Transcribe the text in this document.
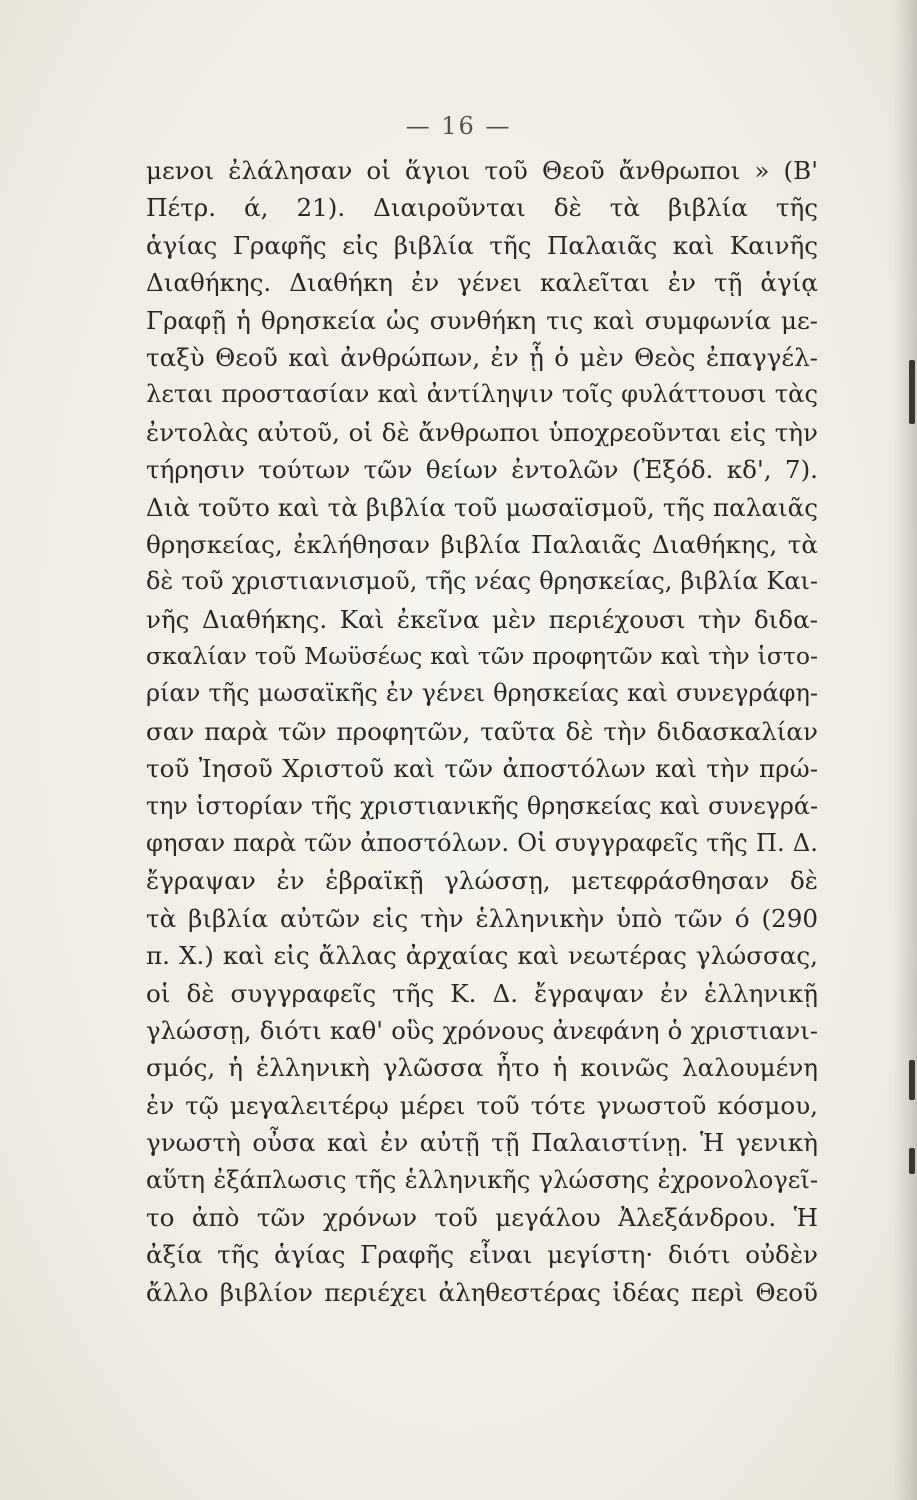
— 16 —
μενοι ἐλάλησαν οἱ ἅγιοι τοῦ Θεοῦ ἄνθρωποι » (Β'
Πέτρ. ά, 21). Διαιροῦνται δὲ τὰ βιβλία τῆς
ἁγίας Γραφῆς εἰς βιβλία τῆς Παλαιᾶς καὶ Καινῆς
Διαθήκης. Διαθήκη ἐν γένει καλεῖται ἐν τῇ ἁγίᾳ
Γραφῇ ἡ θρησκεία ὡς συνθήκη τις καὶ συμφωνία με-
ταξὺ Θεοῦ καὶ ἀνθρώπων, ἐν ᾗ ὁ μὲν Θεὸς ἐπαγγέλ-
λεται προστασίαν καὶ ἀντίληψιν τοῖς φυλάττουσι τὰς
ἐντολὰς αὐτοῦ, οἱ δὲ ἄνθρωποι ὑποχρεοῦνται εἰς τὴν
τήρησιν τούτων τῶν θείων ἐντολῶν (Ἐξόδ. κδ', 7).
Διὰ τοῦτο καὶ τὰ βιβλία τοῦ μωσαϊσμοῦ, τῆς παλαιᾶς
θρησκείας, ἐκλήθησαν βιβλία Παλαιᾶς Διαθήκης, τὰ
δὲ τοῦ χριστιανισμοῦ, τῆς νέας θρησκείας, βιβλία Και-
νῆς Διαθήκης. Καὶ ἐκεῖνα μὲν περιέχουσι τὴν διδα-
σκαλίαν τοῦ Μωϋσέως καὶ τῶν προφητῶν καὶ τὴν ἱστο-
ρίαν τῆς μωσαϊκῆς ἐν γένει θρησκείας καὶ συνεγράφη-
σαν παρὰ τῶν προφητῶν, ταῦτα δὲ τὴν διδασκαλίαν
τοῦ Ἰησοῦ Χριστοῦ καὶ τῶν ἀποστόλων καὶ τὴν πρώ-
την ἱστορίαν τῆς χριστιανικῆς θρησκείας καὶ συνεγρά-
φησαν παρὰ τῶν ἀποστόλων. Οἱ συγγραφεῖς τῆς Π. Δ.
ἔγραψαν ἐν ἑβραϊκῇ γλώσσῃ, μετεφράσθησαν δὲ
τὰ βιβλία αὐτῶν εἰς τὴν ἑλληνικὴν ὑπὸ τῶν ό (290
π. Χ.) καὶ εἰς ἄλλας ἀρχαίας καὶ νεωτέρας γλώσσας,
οἱ δὲ συγγραφεῖς τῆς Κ. Δ. ἔγραψαν ἐν ἑλληνικῇ
γλώσσῃ, διότι καθ' οὓς χρόνους ἀνεφάνη ὁ χριστιανι-
σμός, ἡ ἑλληνικὴ γλῶσσα ἦτο ἡ κοινῶς λαλουμένη
ἐν τῷ μεγαλειτέρῳ μέρει τοῦ τότε γνωστοῦ κόσμου,
γνωστὴ οὖσα καὶ ἐν αὐτῇ τῇ Παλαιστίνῃ. Ἡ γενικὴ
αὕτη ἐξάπλωσις τῆς ἑλληνικῆς γλώσσης ἐχρονολογεῖ-
το ἀπὸ τῶν χρόνων τοῦ μεγάλου Ἀλεξάνδρου. Ἡ
ἀξία τῆς ἁγίας Γραφῆς εἶναι μεγίστη· διότι οὐδὲν
ἄλλο βιβλίον περιέχει ἀληθεστέρας ἰδέας περὶ Θεοῦ
